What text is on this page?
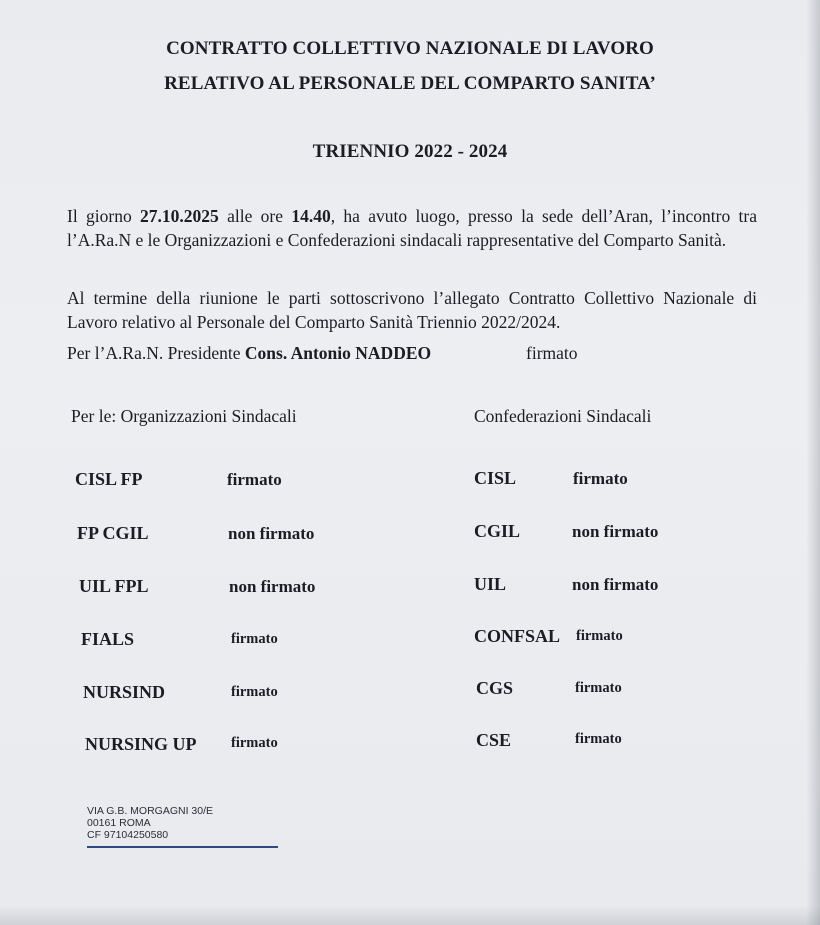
CONTRATTO COLLETTIVO NAZIONALE DI LAVORO
RELATIVO AL PERSONALE DEL COMPARTO SANITA’
TRIENNIO 2022 - 2024
Il giorno 27.10.2025 alle ore 14.40, ha avuto luogo, presso la sede dell’Aran, l’incontro tra l’A.Ra.N e le Organizzazioni e Confederazioni sindacali rappresentative del Comparto Sanità.
Al termine della riunione le parti sottoscrivono l’allegato Contratto Collettivo Nazionale di Lavoro relativo al Personale del Comparto Sanità Triennio 2022/2024.
Per l’A.Ra.N. Presidente Cons. Antonio NADDEO	firmato
Per le: Organizzazioni Sindacali	Confederazioni Sindacali
CISL FP	firmato
FP CGIL	non firmato
UIL FPL	non firmato
FIALS	firmato
NURSIND	firmato
NURSING UP firmato
CISL	firmato
CGIL	non firmato
UIL	non firmato
CONFSAL firmato
CGS	firmato
CSE	firmato
VIA G.B. MORGAGNI 30/E
00161 ROMA
CF 97104250580
